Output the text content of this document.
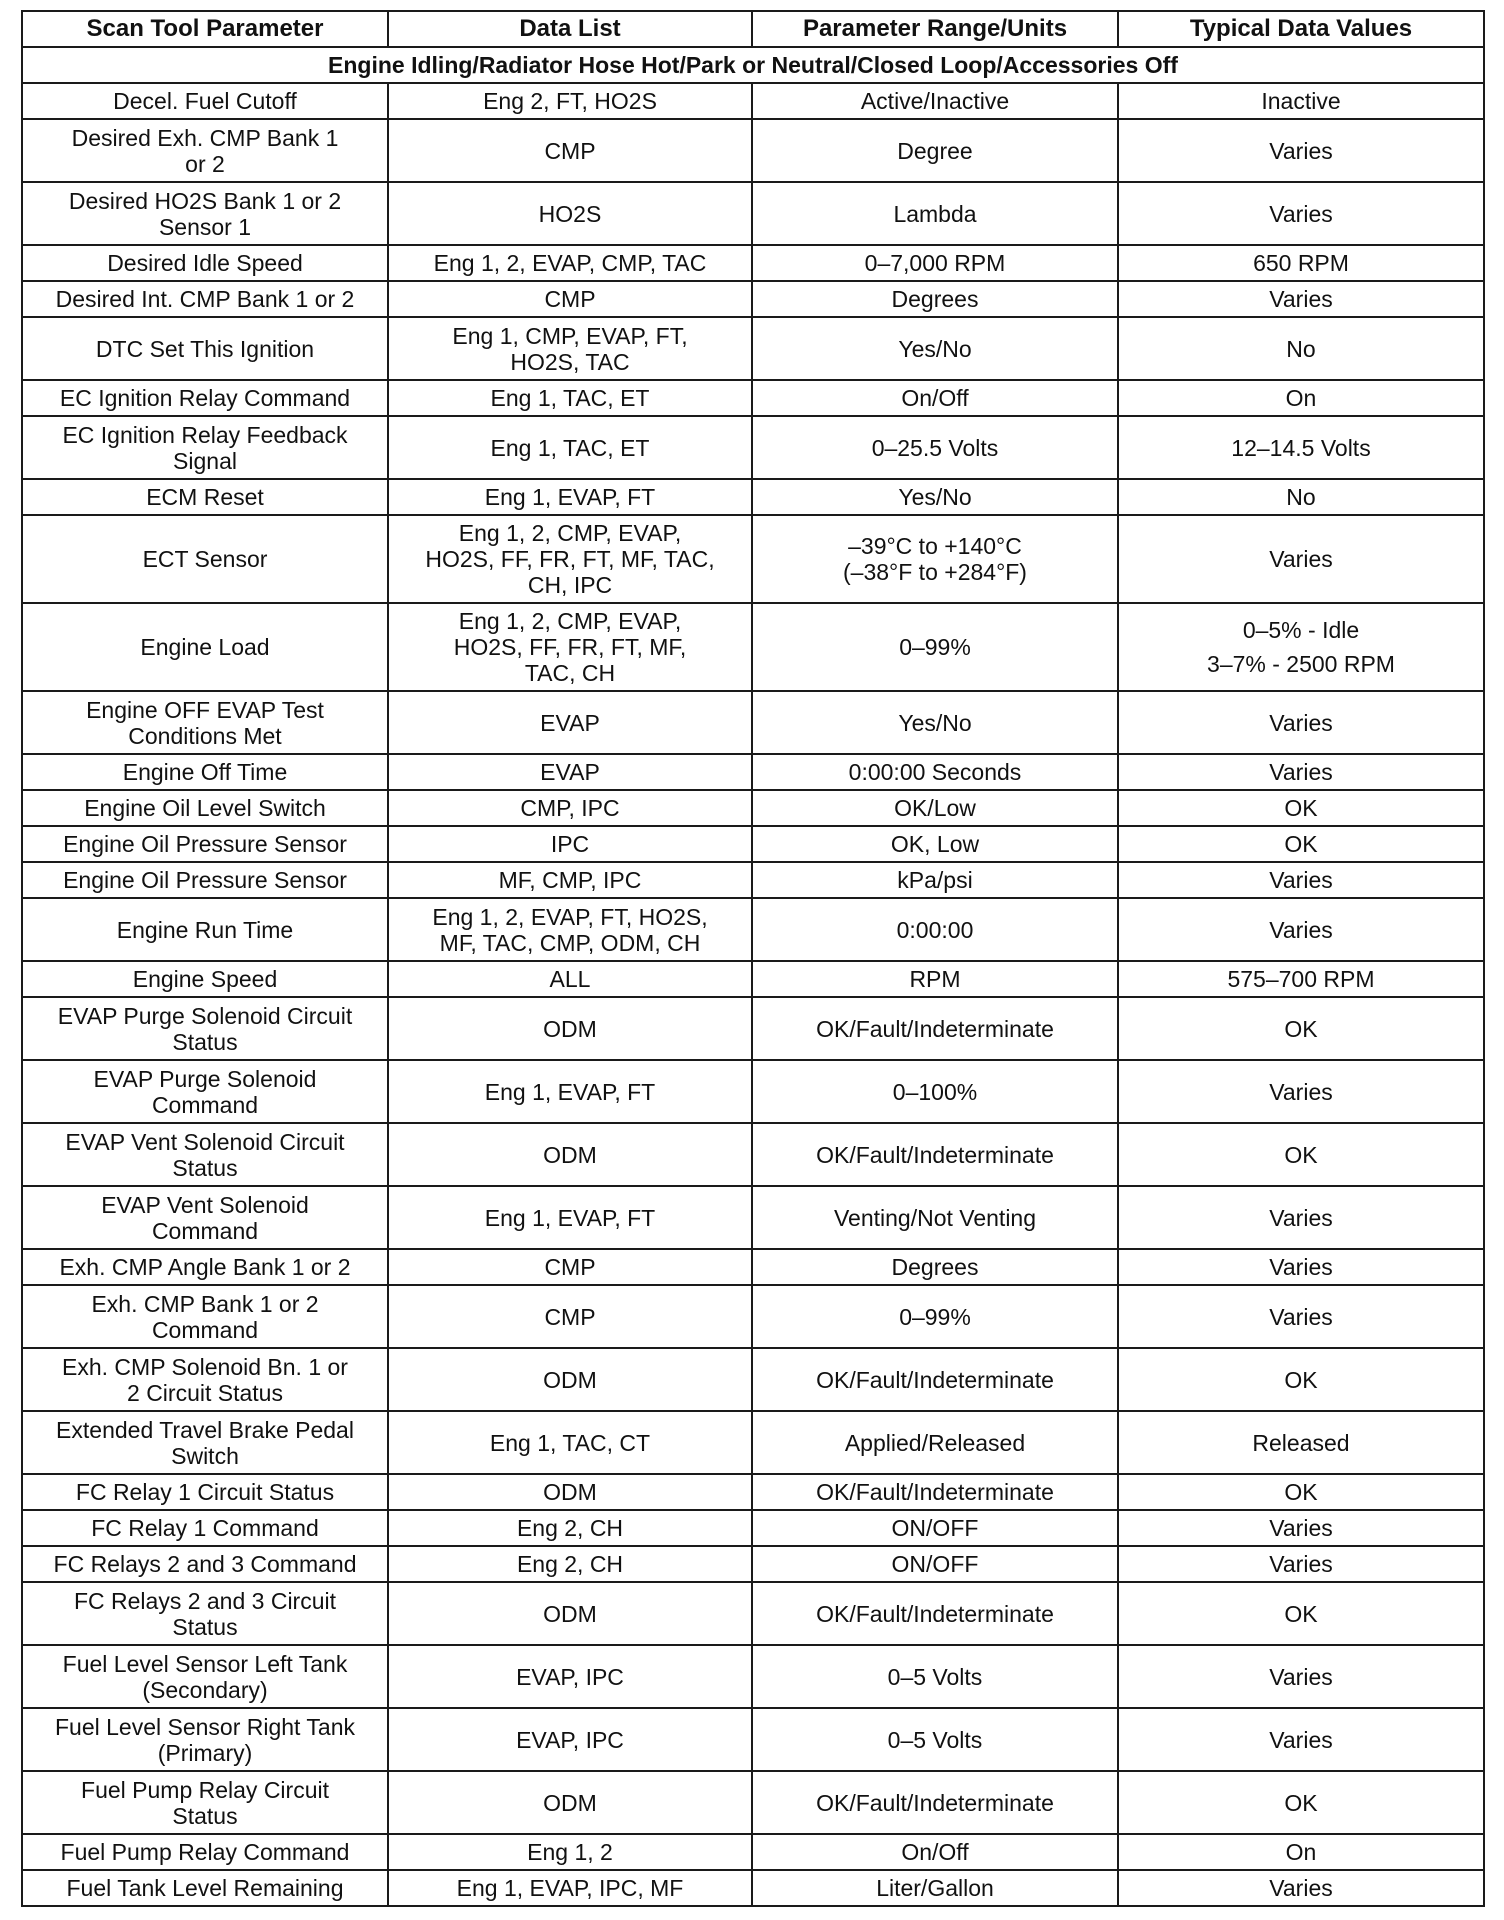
Scan Tool Parameter	Data List	Parameter Range/Units	Typical Data Values
Engine Idling/Radiator Hose Hot/Park or Neutral/Closed Loop/Accessories Off			
Decel. Fuel Cutoff	Eng 2, FT, HO2S	Active/Inactive	Inactive
Desired Exh. CMP Bank 1
or 2	CMP	Degree	Varies
Desired HO2S Bank 1 or 2
Sensor 1	HO2S	Lambda	Varies
Desired Idle Speed	Eng 1, 2, EVAP, CMP, TAC	0–7,000 RPM	650 RPM
Desired Int. CMP Bank 1 or 2	CMP	Degrees	Varies
DTC Set This Ignition	Eng 1, CMP, EVAP, FT,
HO2S, TAC	Yes/No	No
EC Ignition Relay Command	Eng 1, TAC, ET	On/Off	On
EC Ignition Relay Feedback
Signal	Eng 1, TAC, ET	0–25.5 Volts	12–14.5 Volts
ECM Reset	Eng 1, EVAP, FT	Yes/No	No
ECT Sensor	Eng 1, 2, CMP, EVAP,
HO2S, FF, FR, FT, MF, TAC,
CH, IPC	–39°C to +140°C
(–38°F to +284°F)	Varies
Engine Load	Eng 1, 2, CMP, EVAP,
HO2S, FF, FR, FT, MF,
TAC, CH	0–99%	0–5% - Idle
3–7% - 2500 RPM

Engine OFF EVAP Test
Conditions Met	EVAP	Yes/No	Varies
Engine Off Time	EVAP	0:00:00 Seconds	Varies
Engine Oil Level Switch	CMP, IPC	OK/Low	OK
Engine Oil Pressure Sensor	IPC	OK, Low	OK
Engine Oil Pressure Sensor	MF, CMP, IPC	kPa/psi	Varies
Engine Run Time	Eng 1, 2, EVAP, FT, HO2S,
MF, TAC, CMP, ODM, CH	0:00:00	Varies
Engine Speed	ALL	RPM	575–700 RPM
EVAP Purge Solenoid Circuit
Status	ODM	OK/Fault/Indeterminate	OK
EVAP Purge Solenoid
Command	Eng 1, EVAP, FT	0–100%	Varies
EVAP Vent Solenoid Circuit
Status	ODM	OK/Fault/Indeterminate	OK
EVAP Vent Solenoid
Command	Eng 1, EVAP, FT	Venting/Not Venting	Varies
Exh. CMP Angle Bank 1 or 2	CMP	Degrees	Varies
Exh. CMP Bank 1 or 2
Command	CMP	0–99%	Varies
Exh. CMP Solenoid Bn. 1 or
2 Circuit Status	ODM	OK/Fault/Indeterminate	OK
Extended Travel Brake Pedal
Switch	Eng 1, TAC, CT	Applied/Released	Released
FC Relay 1 Circuit Status	ODM	OK/Fault/Indeterminate	OK
FC Relay 1 Command	Eng 2, CH	ON/OFF	Varies
FC Relays 2 and 3 Command	Eng 2, CH	ON/OFF	Varies
FC Relays 2 and 3 Circuit
Status	ODM	OK/Fault/Indeterminate	OK
Fuel Level Sensor Left Tank
(Secondary)	EVAP, IPC	0–5 Volts	Varies
Fuel Level Sensor Right Tank
(Primary)	EVAP, IPC	0–5 Volts	Varies
Fuel Pump Relay Circuit
Status	ODM	OK/Fault/Indeterminate	OK
Fuel Pump Relay Command	Eng 1, 2	On/Off	On
Fuel Tank Level Remaining	Eng 1, EVAP, IPC, MF	Liter/Gallon	Varies
